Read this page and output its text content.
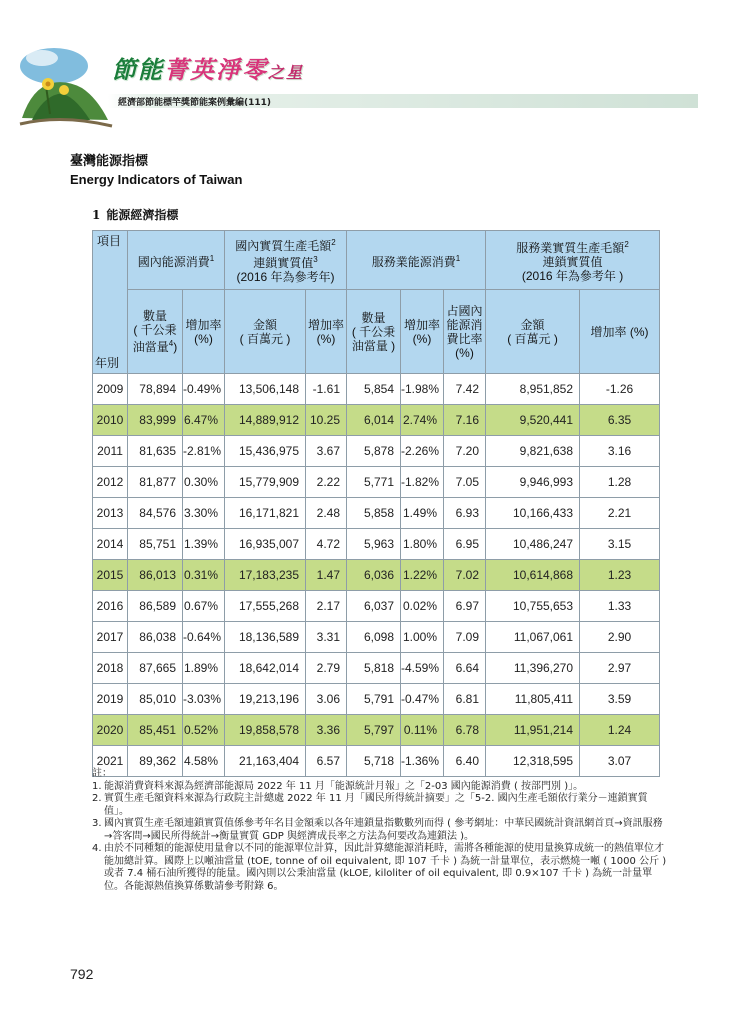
節能菁英淨零之星
經濟部節能標竿獎節能案例彙編(111)
臺灣能源指標
Energy Indicators of Taiwan
1 能源經濟指標
項目
年別	國內能源消費$^1$		國內實質生產毛額$^2$
連鎖實質值$^3$
(2016 年為參考年)		服務業能源消費$^1$			服務業實質生產毛額$^2$
連鎖實質值
(2016 年為參考年 )	
	數量
( 千公秉
油當量$^4$)	增加率
(%)	金額
( 百萬元 )	增加率
(%)	數量
( 千公秉
油當量 )	增加率
(%)	占國內
能源消
費比率
(%)	金額
( 百萬元 )	增加率 (%)
2009	78,894	-0.49%	13,506,148	-1.61	5,854	-1.98%	7.42	8,951,852	-1.26
2010	83,999	6.47%	14,889,912	10.25	6,014	2.74%	7.16	9,520,441	6.35
2011	81,635	-2.81%	15,436,975	3.67	5,878	-2.26%	7.20	9,821,638	3.16
2012	81,877	0.30%	15,779,909	2.22	5,771	-1.82%	7.05	9,946,993	1.28
2013	84,576	3.30%	16,171,821	2.48	5,858	1.49%	6.93	10,166,433	2.21
2014	85,751	1.39%	16,935,007	4.72	5,963	1.80%	6.95	10,486,247	3.15
2015	86,013	0.31%	17,183,235	1.47	6,036	1.22%	7.02	10,614,868	1.23
2016	86,589	0.67%	17,555,268	2.17	6,037	0.02%	6.97	10,755,653	1.33
2017	86,038	-0.64%	18,136,589	3.31	6,098	1.00%	7.09	11,067,061	2.90
2018	87,665	1.89%	18,642,014	2.79	5,818	-4.59%	6.64	11,396,270	2.97
2019	85,010	-3.03%	19,213,196	3.06	5,791	-0.47%	6.81	11,805,411	3.59
2020	85,451	0.52%	19,858,578	3.36	5,797	0.11%	6.78	11,951,214	1.24
2021	89,362	4.58%	21,163,404	6.57	5,718	-1.36%	6.40	12,318,595	3.07
註：
1. 能源消費資料來源為經濟部能源局 2022 年 11 月「能源統計月報」之「2-03 國內能源消費 ( 按部門別 )」。
2. 實質生產毛額資料來源為行政院主計總處 2022 年 11 月「國民所得統計摘要」之「5-2. 國內生產毛額依行業分－連鎖實質值」。
3. 國內實質生產毛額連鎖實質值係參考年名目金額乘以各年連鎖量指數數列而得 ( 參考網址：中華民國統計資訊網首頁→資訊服務→答客問→國民所得統計→衡量實質 GDP 與經濟成長率之方法為何要改為連鎖法 )。
4. 由於不同種類的能源使用量會以不同的能源單位計算，因此計算總能源消耗時，需將各種能源的使用量換算成統一的熱值單位才能加總計算。國際上以噸油當量 (tOE, tonne of oil equivalent, 即 107 千卡 ) 為統一計量單位，表示燃燒一噸 ( 1000 公斤 ) 或者 7.4 桶石油所獲得的能量。國內則以公秉油當量 (kLOE, kiloliter of oil equivalent, 即 0.9×107 千卡 ) 為統一計量單位。各能源熱值換算係數請參考附錄 6。
792
